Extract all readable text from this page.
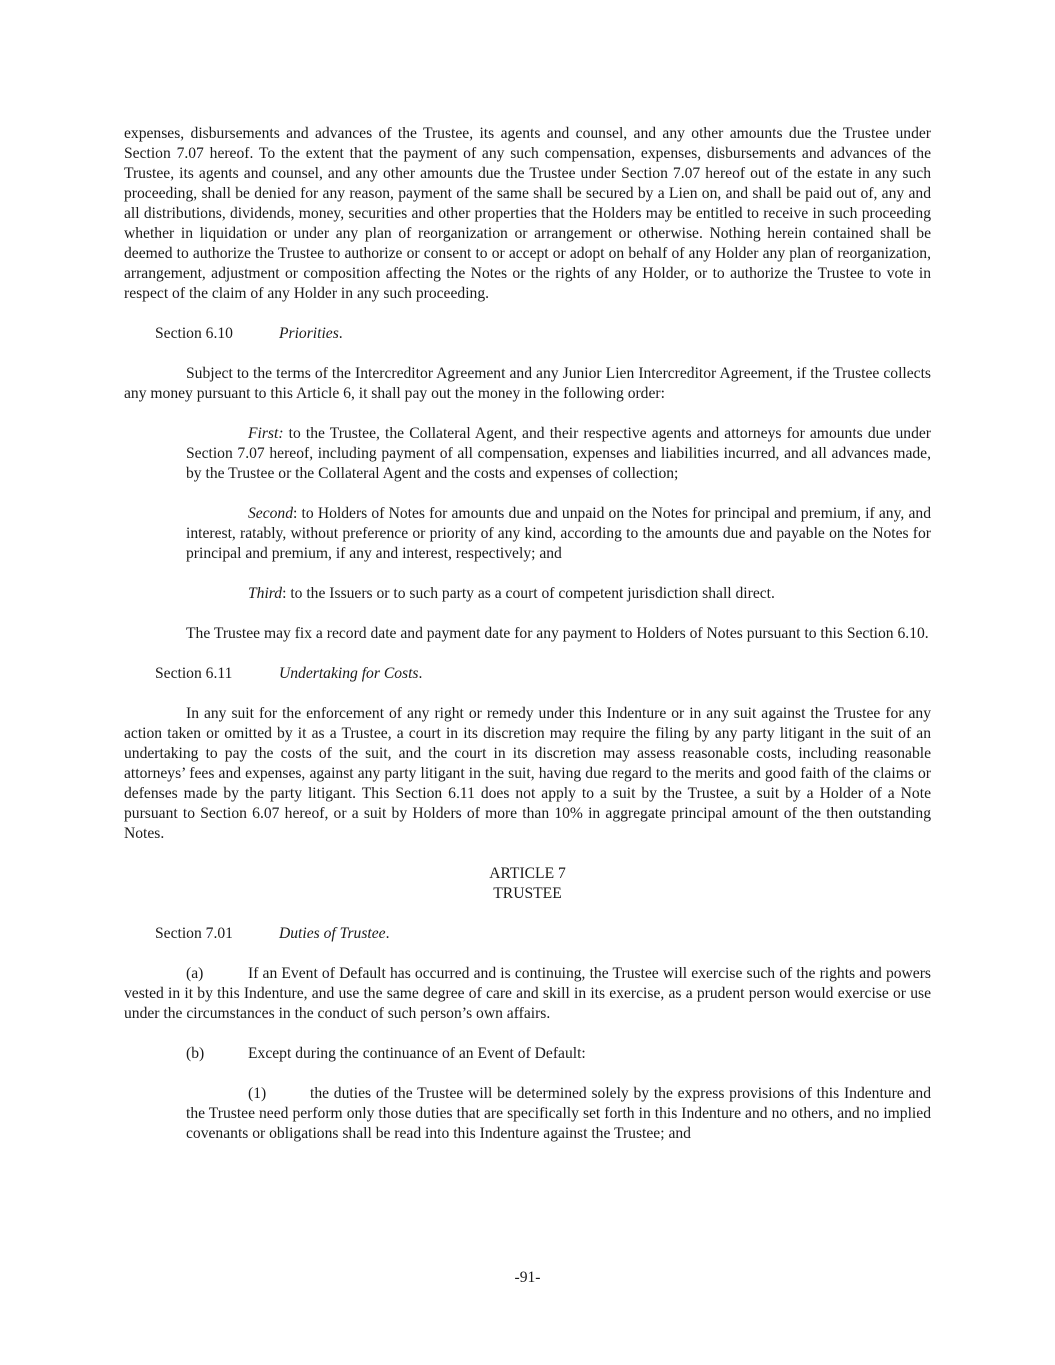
expenses, disbursements and advances of the Trustee, its agents and counsel, and any other amounts due the Trustee under Section 7.07 hereof. To the extent that the payment of any such compensation, expenses, disbursements and advances of the Trustee, its agents and counsel, and any other amounts due the Trustee under Section 7.07 hereof out of the estate in any such proceeding, shall be denied for any reason, payment of the same shall be secured by a Lien on, and shall be paid out of, any and all distributions, dividends, money, securities and other properties that the Holders may be entitled to receive in such proceeding whether in liquidation or under any plan of reorganization or arrangement or otherwise. Nothing herein contained shall be deemed to authorize the Trustee to authorize or consent to or accept or adopt on behalf of any Holder any plan of reorganization, arrangement, adjustment or composition affecting the Notes or the rights of any Holder, or to authorize the Trustee to vote in respect of the claim of any Holder in any such proceeding.

Section 6.10	Priorities.

Subject to the terms of the Intercreditor Agreement and any Junior Lien Intercreditor Agreement, if the Trustee collects any money pursuant to this Article 6, it shall pay out the money in the following order:

First: to the Trustee, the Collateral Agent, and their respective agents and attorneys for amounts due under Section 7.07 hereof, including payment of all compensation, expenses and liabilities incurred, and all advances made, by the Trustee or the Collateral Agent and the costs and expenses of collection;

Second: to Holders of Notes for amounts due and unpaid on the Notes for principal and premium, if any, and interest, ratably, without preference or priority of any kind, according to the amounts due and payable on the Notes for principal and premium, if any and interest, respectively; and

Third: to the Issuers or to such party as a court of competent jurisdiction shall direct.

The Trustee may fix a record date and payment date for any payment to Holders of Notes pursuant to this Section 6.10.

Section 6.11	Undertaking for Costs.

In any suit for the enforcement of any right or remedy under this Indenture or in any suit against the Trustee for any action taken or omitted by it as a Trustee, a court in its discretion may require the filing by any party litigant in the suit of an undertaking to pay the costs of the suit, and the court in its discretion may assess reasonable costs, including reasonable attorneys’ fees and expenses, against any party litigant in the suit, having due regard to the merits and good faith of the claims or defenses made by the party litigant. This Section 6.11 does not apply to a suit by the Trustee, a suit by a Holder of a Note pursuant to Section 6.07 hereof, or a suit by Holders of more than 10% in aggregate principal amount of the then outstanding Notes.

ARTICLE 7

TRUSTEE

Section 7.01	Duties of Trustee.

(a)	If an Event of Default has occurred and is continuing, the Trustee will exercise such of the rights and powers vested in it by this Indenture, and use the same degree of care and skill in its exercise, as a prudent person would exercise or use under the circumstances in the conduct of such person’s own affairs.

(b)	Except during the continuance of an Event of Default:

(1)	the duties of the Trustee will be determined solely by the express provisions of this Indenture and the Trustee need perform only those duties that are specifically set forth in this Indenture and no others, and no implied covenants or obligations shall be read into this Indenture against the Trustee; and

-91-
